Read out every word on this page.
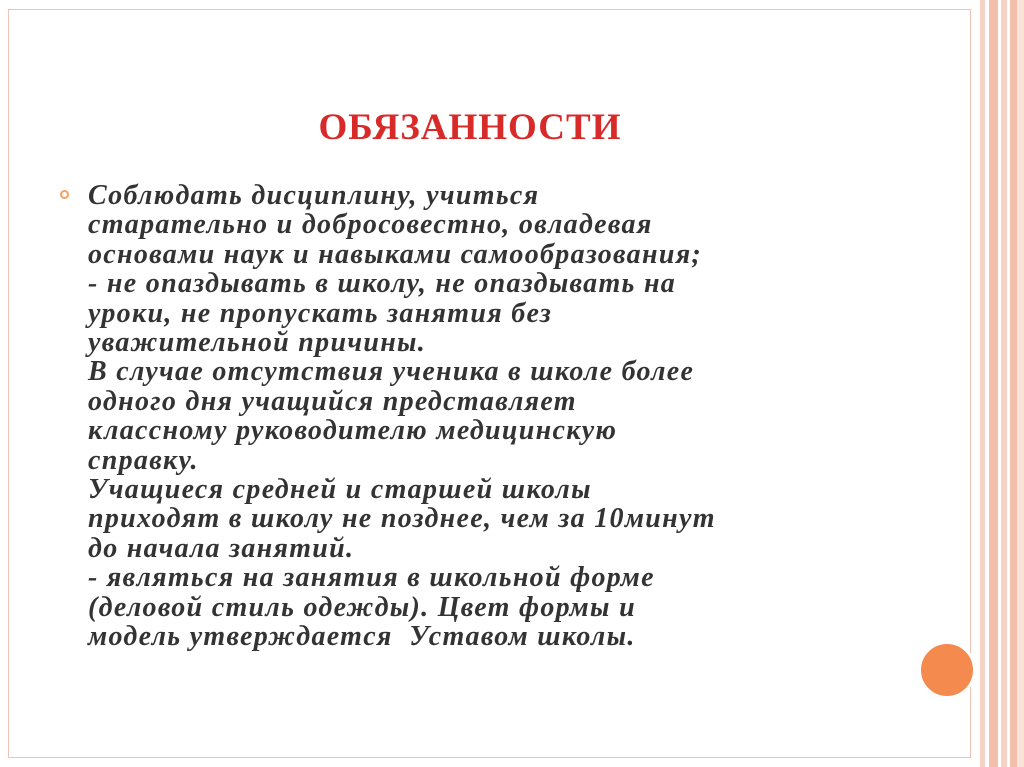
ОБЯЗАННОСТИ
Соблюдать дисциплину, учиться
старательно и добросовестно, овладевая
основами наук и навыками самообразования;
- не опаздывать в школу, не опаздывать на
уроки, не пропускать занятия без
уважительной причины.
В случае отсутствия ученика в школе более
одного дня учащийся представляет
классному руководителю медицинскую
справку.
Учащиеся средней и старшей школы
приходят в школу не позднее, чем за 10минут
до начала занятий.
- являться на занятия в школьной форме
(деловой стиль одежды). Цвет формы и
модель утверждается  Уставом школы.
